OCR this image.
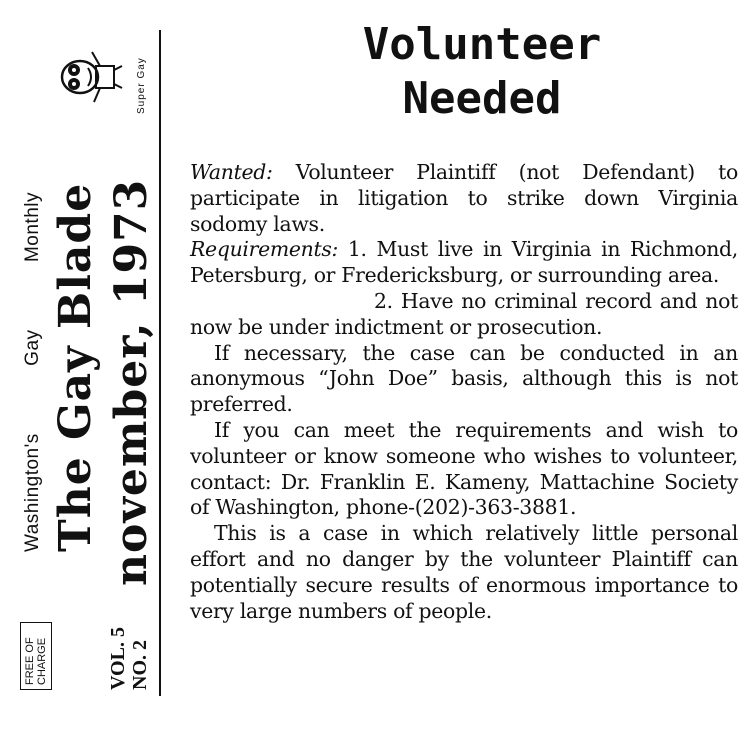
Super Gay
Washington's
Gay
Monthly The Gay Blade november, 1973
FREE OF CHARGE	VOL. 5 NO. 2
Volunteer
Needed

Wanted: Volunteer Plaintiff (not Defendant) to participate in litigation to strike down Virginia sodomy laws.

Requirements: 1. Must live in Virginia in Richmond, Petersburg, or Fredericksburg, or surrounding area.

2. Have no criminal record and not now be under indictment or prosecution.

If necessary, the case can be conducted in an anonymous “John Doe” basis, although this is not preferred.

If you can meet the requirements and wish to volunteer or know someone who wishes to volunteer, contact: Dr. Franklin E. Kameny, Mattachine Society of Washington, phone-(202)-363-3881.

This is a case in which relatively little personal effort and no danger by the volunteer Plaintiff can potentially secure results of enormous importance to very large numbers of people.
